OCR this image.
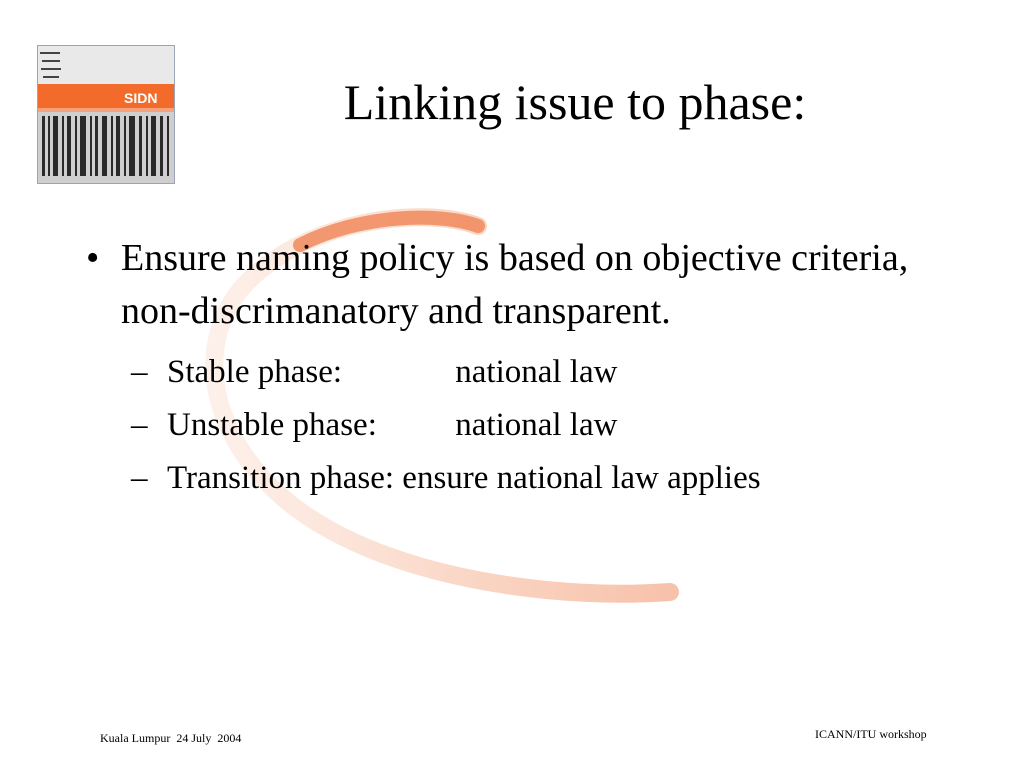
SIDN	Linking issue to phase:
• Ensure naming policy is based on objective criteria, non-discrimanatory and transparent.
– Stable phase:	national law
– Unstable phase: national law
– Transition phase: ensure national law applies
Kuala Lumpur  24 July  2004	ICANN/ITU workshop
